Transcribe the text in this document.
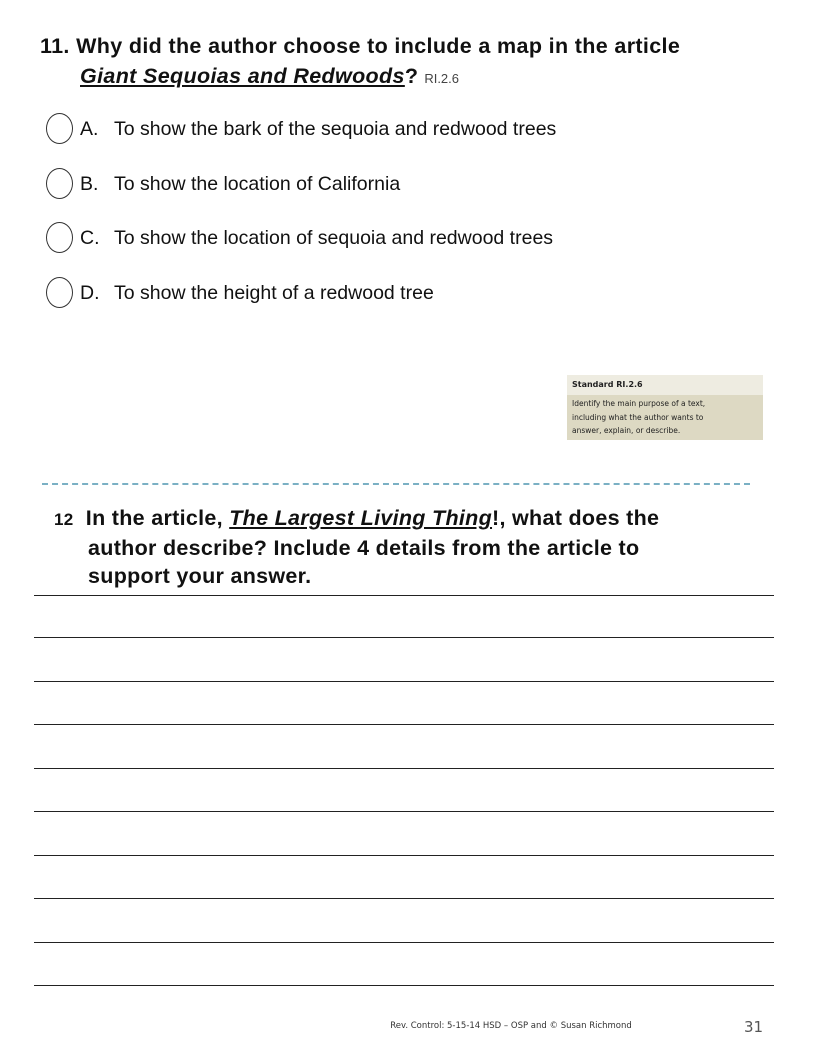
11. Why did the author choose to include a map in the article
Giant Sequoias and Redwoods? RI.2.6
A. To show the bark of the sequoia and redwood trees
B. To show the location of California
C. To show the location of sequoia and redwood trees
D. To show the height of a redwood tree
Standard RI.2.6
Identify the main purpose of a text,
including what the author wants to
answer, explain, or describe.
12 In the article, The Largest Living Thing!, what does the
author describe? Include 4 details from the article to
support your answer.
Rev. Control: 5-15-14 HSD – OSP and © Susan Richmond	31
